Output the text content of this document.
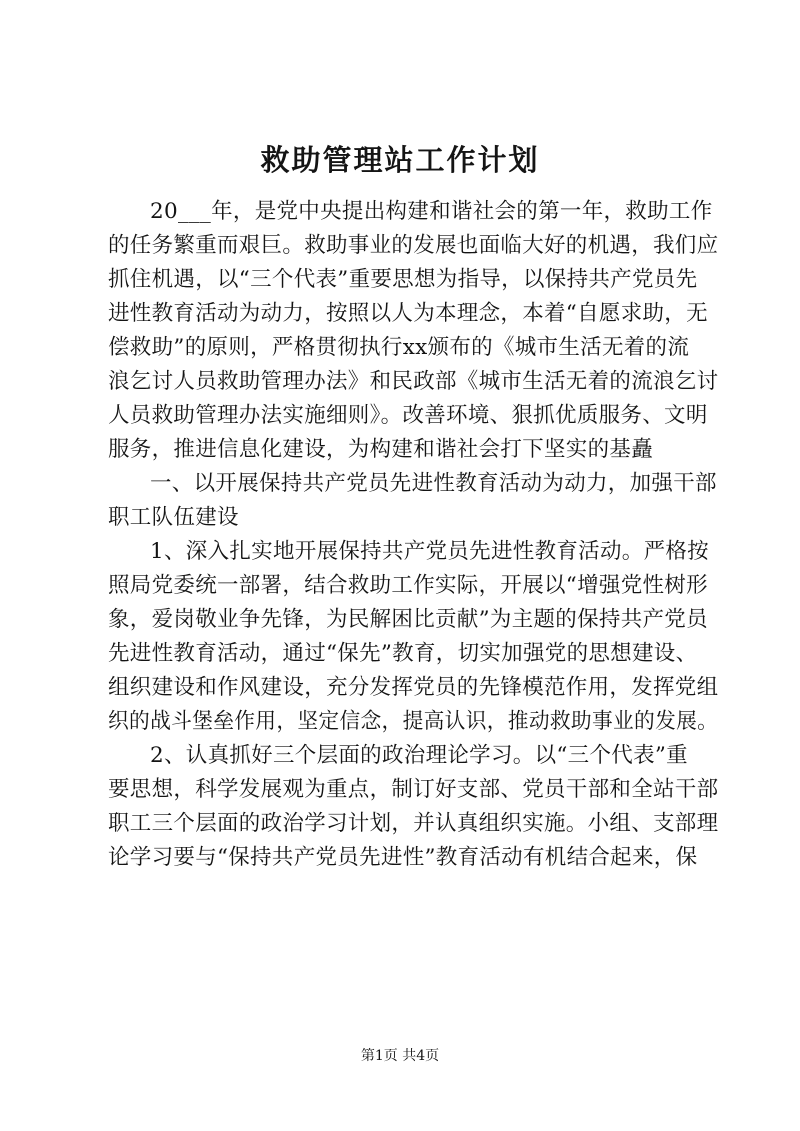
救助管理站工作计划
20___年，是党中央提出构建和谐社会的第一年，救助工作
的任务繁重而艰巨。救助事业的发展也面临大好的机遇，我们应
抓住机遇，以“三个代表”重要思想为指导，以保持共产党员先
进性教育活动为动力，按照以人为本理念，本着“自愿求助，无
偿救助”的原则，严格贯彻执行xx颁布的《城市生活无着的流
浪乞讨人员救助管理办法》和民政部《城市生活无着的流浪乞讨
人员救助管理办法实施细则》。改善环境、狠抓优质服务、文明
服务，推进信息化建设，为构建和谐社会打下坚实的基矗
一、以开展保持共产党员先进性教育活动为动力，加强干部
职工队伍建设
1、深入扎实地开展保持共产党员先进性教育活动。严格按
照局党委统一部署，结合救助工作实际，开展以“增强党性树形
象，爱岗敬业争先锋，为民解困比贡献”为主题的保持共产党员
先进性教育活动，通过“保先”教育，切实加强党的思想建设、
组织建设和作风建设，充分发挥党员的先锋模范作用，发挥党组
织的战斗堡垒作用，坚定信念，提高认识，推动救助事业的发展。
2、认真抓好三个层面的政治理论学习。以“三个代表”重
要思想，科学发展观为重点，制订好支部、党员干部和全站干部
职工三个层面的政治学习计划，并认真组织实施。小组、支部理
论学习要与“保持共产党员先进性”教育活动有机结合起来，保
第1页 共4页
